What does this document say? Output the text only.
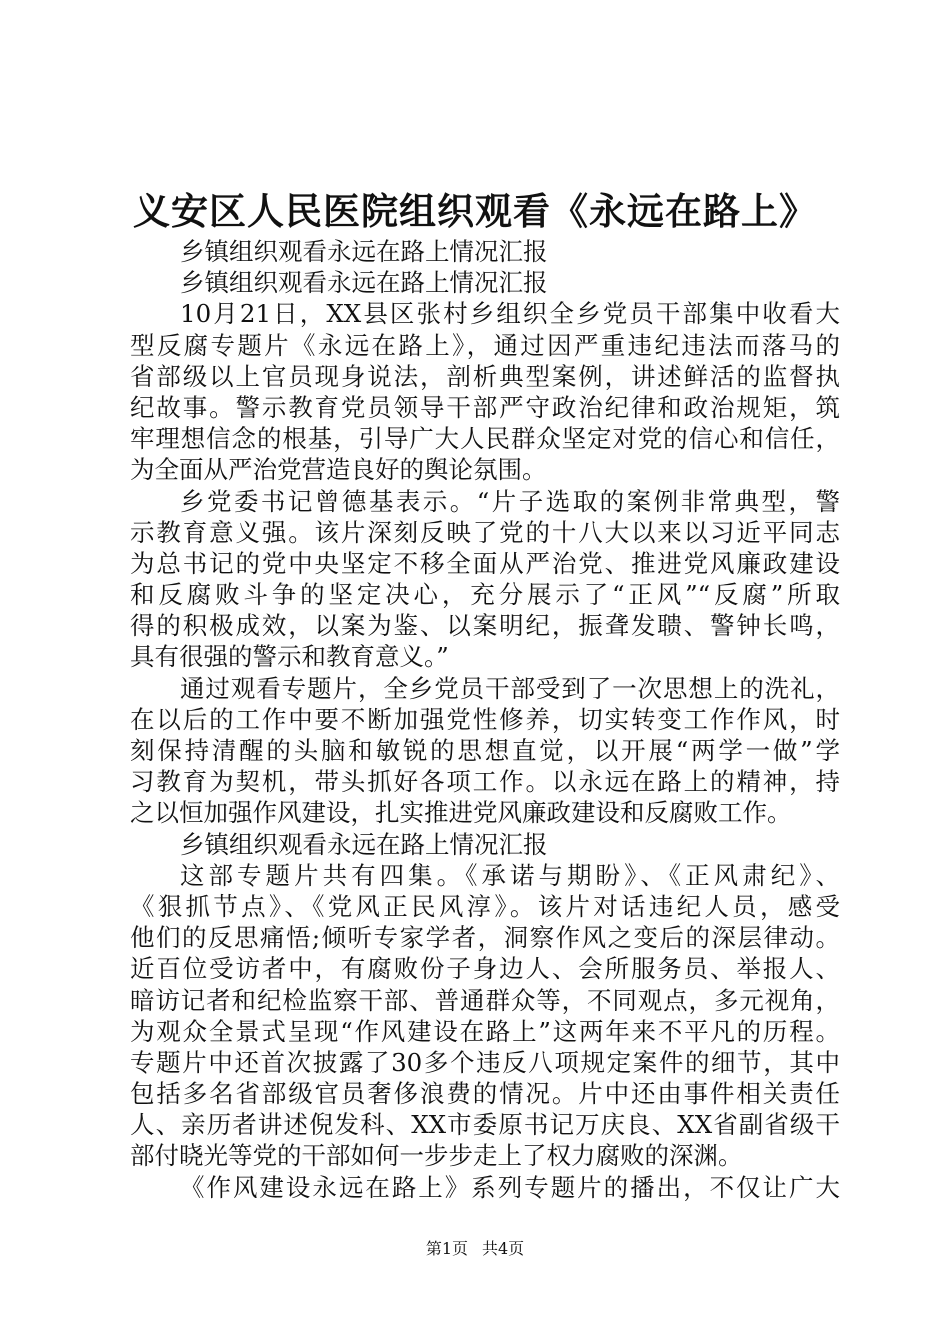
义安区人民医院组织观看《永远在路上》
乡镇组织观看永远在路上情况汇报
乡镇组织观看永远在路上情况汇报
10月21日，XX县区张村乡组织全乡党员干部集中收看大
型反腐专题片《永远在路上》，通过因严重违纪违法而落马的
省部级以上官员现身说法，剖析典型案例，讲述鲜活的监督执
纪故事。警示教育党员领导干部严守政治纪律和政治规矩，筑
牢理想信念的根基，引导广大人民群众坚定对党的信心和信任，
为全面从严治党营造良好的舆论氛围。
乡党委书记曾德基表示。“片子选取的案例非常典型，警
示教育意义强。该片深刻反映了党的十八大以来以习近平同志
为总书记的党中央坚定不移全面从严治党、推进党风廉政建设
和反腐败斗争的坚定决心，充分展示了“正风”“反腐”所取
得的积极成效，以案为鉴、以案明纪，振聋发聩、警钟长鸣，
具有很强的警示和教育意义。”
通过观看专题片，全乡党员干部受到了一次思想上的洗礼，
在以后的工作中要不断加强党性修养，切实转变工作作风，时
刻保持清醒的头脑和敏锐的思想直觉，以开展“两学一做”学
习教育为契机，带头抓好各项工作。以永远在路上的精神，持
之以恒加强作风建设，扎实推进党风廉政建设和反腐败工作。
乡镇组织观看永远在路上情况汇报
这部专题片共有四集。《承诺与期盼》、《正风肃纪》、
《狠抓节点》、《党风正民风淳》。该片对话违纪人员，感受
他们的反思痛悟;倾听专家学者，洞察作风之变后的深层律动。
近百位受访者中，有腐败份子身边人、会所服务员、举报人、
暗访记者和纪检监察干部、普通群众等，不同观点，多元视角，
为观众全景式呈现“作风建设在路上”这两年来不平凡的历程。
专题片中还首次披露了30多个违反八项规定案件的细节，其中
包括多名省部级官员奢侈浪费的情况。片中还由事件相关责任
人、亲历者讲述倪发科、XX市委原书记万庆良、XX省副省级干
部付晓光等党的干部如何一步步走上了权力腐败的深渊。
《作风建设永远在路上》系列专题片的播出，不仅让广大
第1页 共4页
